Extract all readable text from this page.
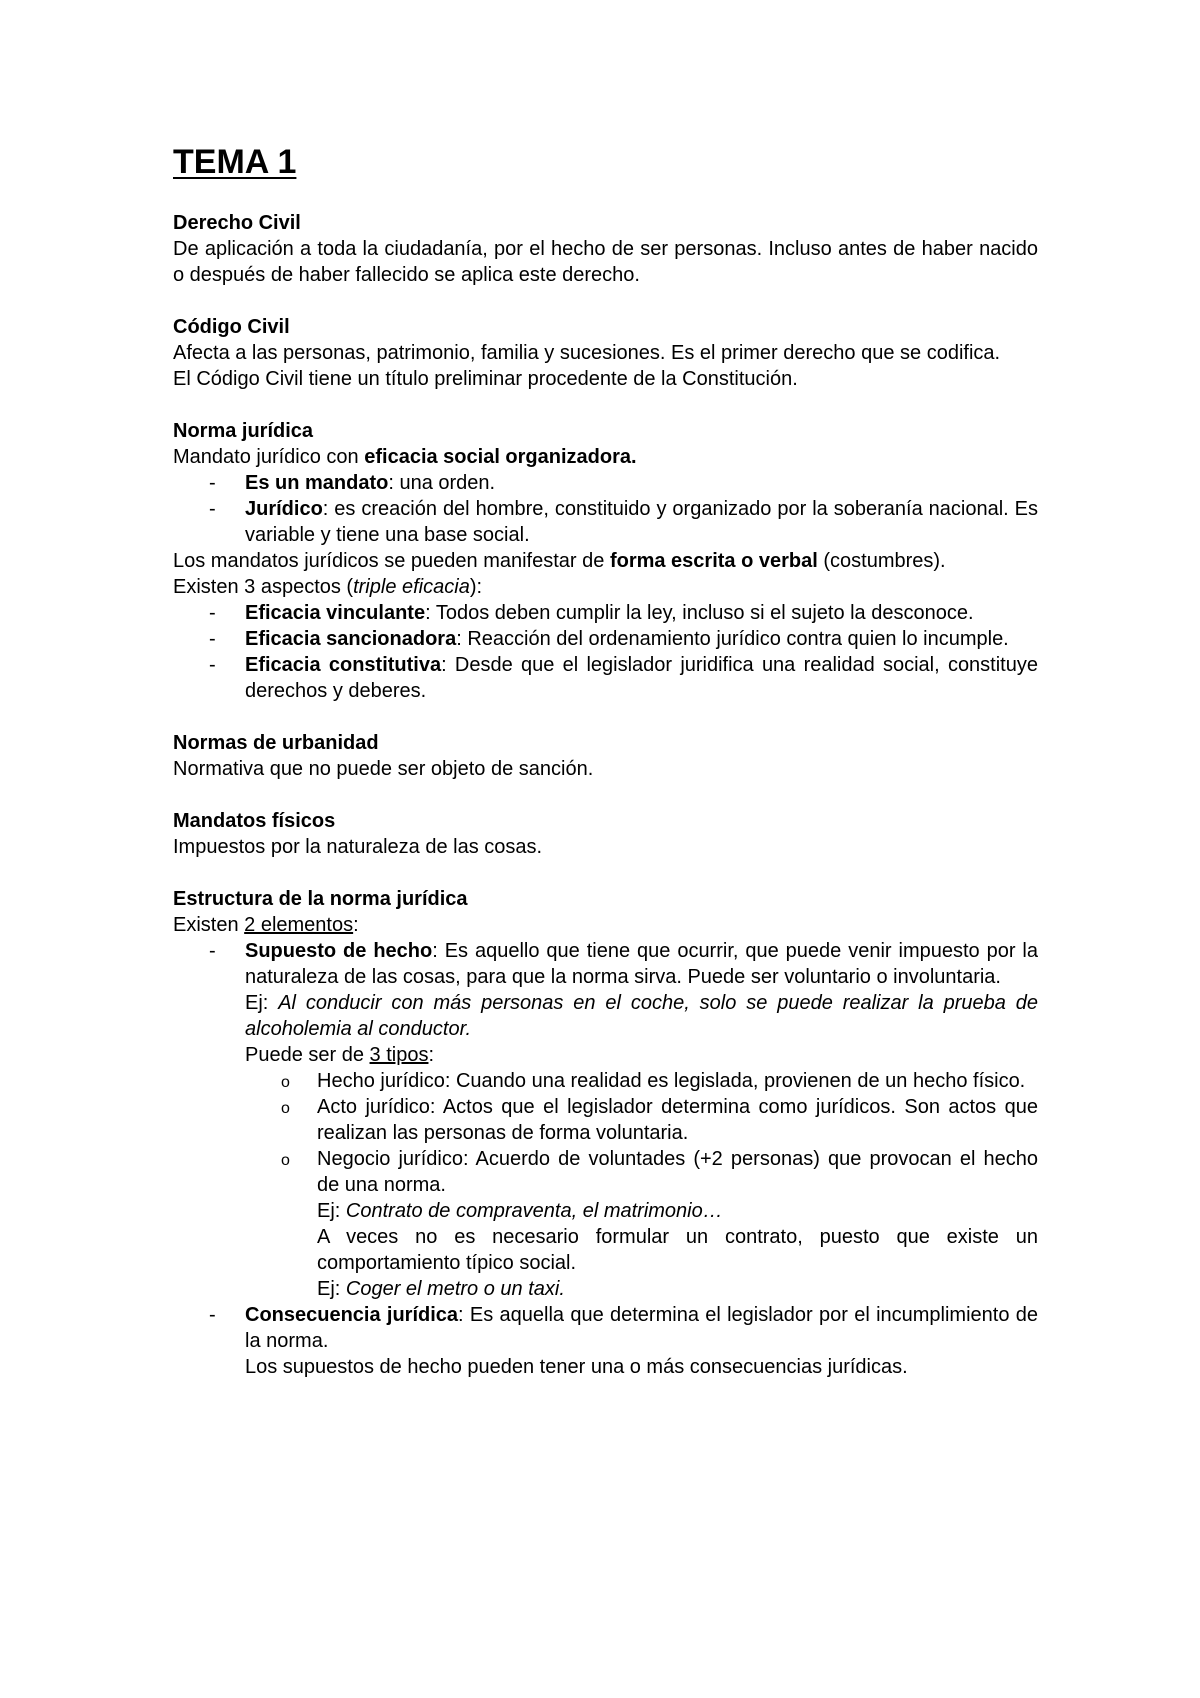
TEMA 1
Derecho Civil
De aplicación a toda la ciudadanía, por el hecho de ser personas. Incluso antes de haber nacido o después de haber fallecido se aplica este derecho.
Código Civil
Afecta a las personas, patrimonio, familia y sucesiones. Es el primer derecho que se codifica.
El Código Civil tiene un título preliminar procedente de la Constitución.
Norma jurídica
Mandato jurídico con eficacia social organizadora.
- Es un mandato: una orden.
- Jurídico: es creación del hombre, constituido y organizado por la soberanía nacional. Es variable y tiene una base social.
Los mandatos jurídicos se pueden manifestar de forma escrita o verbal (costumbres).
Existen 3 aspectos (triple eficacia):
- Eficacia vinculante: Todos deben cumplir la ley, incluso si el sujeto la desconoce.
- Eficacia sancionadora: Reacción del ordenamiento jurídico contra quien lo incumple.
- Eficacia constitutiva: Desde que el legislador juridifica una realidad social, constituye derechos y deberes.
Normas de urbanidad
Normativa que no puede ser objeto de sanción.
Mandatos físicos
Impuestos por la naturaleza de las cosas.
Estructura de la norma jurídica
Existen 2 elementos:
- Supuesto de hecho: Es aquello que tiene que ocurrir, que puede venir impuesto por la naturaleza de las cosas, para que la norma sirva. Puede ser voluntario o involuntaria.
Ej: Al conducir con más personas en el coche, solo se puede realizar la prueba de alcoholemia al conductor.
Puede ser de 3 tipos:
o Hecho jurídico: Cuando una realidad es legislada, provienen de un hecho físico.
o Acto jurídico: Actos que el legislador determina como jurídicos. Son actos que realizan las personas de forma voluntaria.
o Negocio jurídico: Acuerdo de voluntades (+2 personas) que provocan el hecho de una norma.
Ej: Contrato de compraventa, el matrimonio…
A veces no es necesario formular un contrato, puesto que existe un comportamiento típico social.
Ej: Coger el metro o un taxi.
- Consecuencia jurídica: Es aquella que determina el legislador por el incumplimiento de la norma.
Los supuestos de hecho pueden tener una o más consecuencias jurídicas.
